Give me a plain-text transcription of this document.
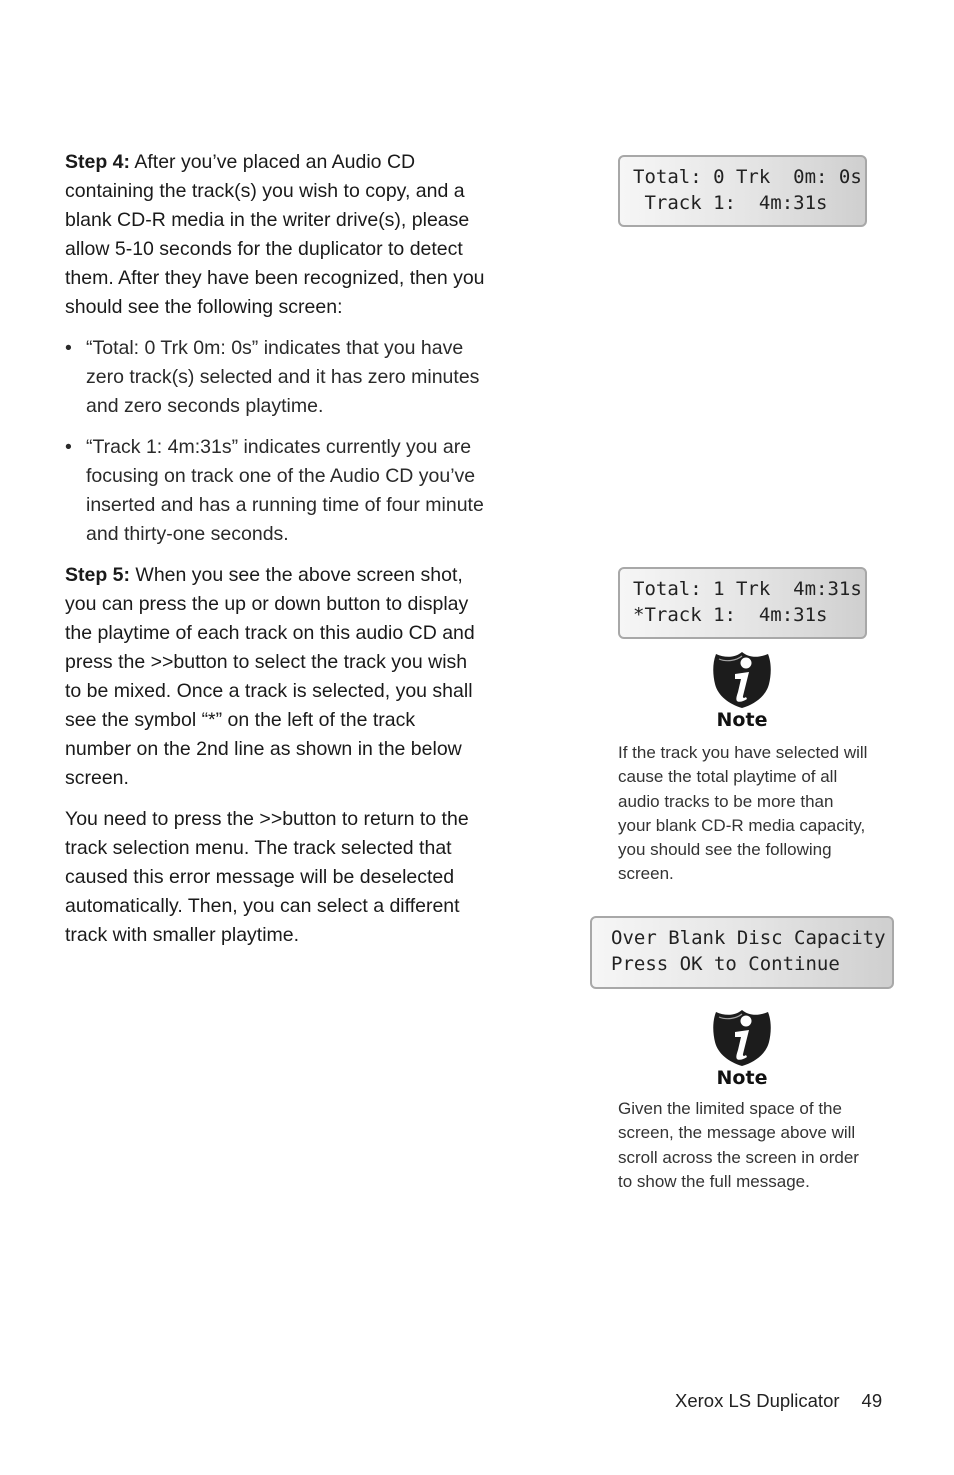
Step 4: After you’ve placed an Audio CD containing the track(s) you wish to copy, and a blank CD-R media in the writer drive(s), please allow 5-10 seconds for the duplicator to detect them. After they have been recognized, then you should see the following screen:

• “Total: 0 Trk 0m: 0s” indicates that you have zero track(s) selected and it has zero minutes and zero seconds playtime.
• “Track 1: 4m:31s” indicates currently you are focusing on track one of the Audio CD you’ve inserted and has a running time of four minute and thirty-one seconds.

Step 5: When you see the above screen shot, you can press the up or down button to display the playtime of each track on this audio CD and press the >>button to select the track you wish to be mixed. Once a track is selected, you shall see the symbol “*” on the left of the track number on the 2nd line as shown in the below screen.

You need to press the >>button to return to the track selection menu. The track selected that caused this error message will be deselected automatically. Then, you can select a different track with smaller playtime.

Total: 0 Trk  0m: 0s
Track 1:  4m:31s
Total: 1 Trk  4m:31s
*Track 1:  4m:31s
Note
If the track you have selected will cause the total playtime of all audio tracks to be more than your blank CD-R media capacity, you should see the following screen.
Over Blank Disc Capacity
Press OK to Continue
Note
Given the limited space of the screen, the message above will scroll across the screen in order to show the full message.
Xerox LS Duplicator 49
